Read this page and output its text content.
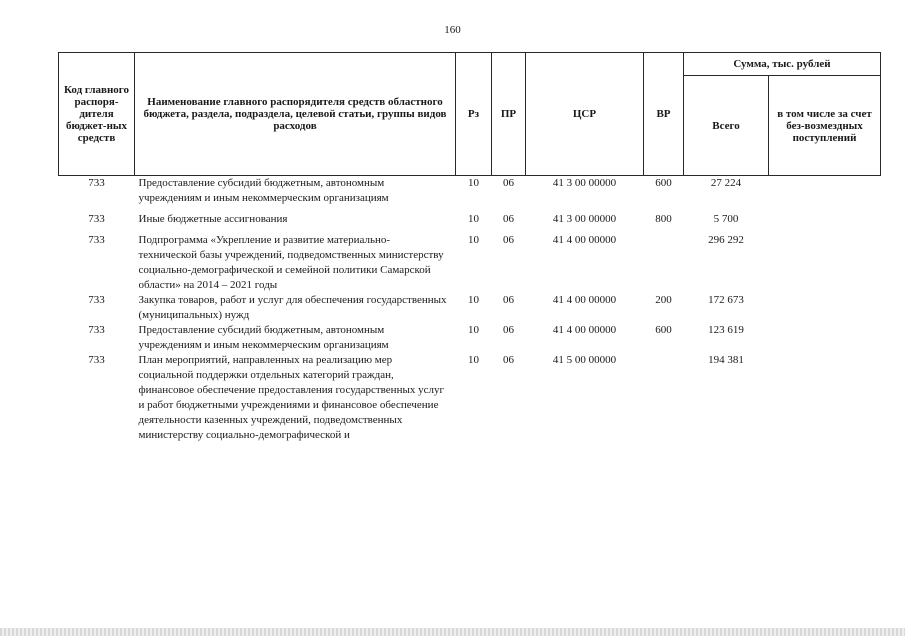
160
Код главного распоря-дителя бюджет-ных средств	Наименование главного распорядителя средств областного бюджета, раздела, подраздела, целевой статьи, группы видов расходов	Рз	ПР	ЦСР	ВР	Сумма, тыс. рублей	
						Всего	в том числе за счет без-возмездных поступлений
733	Предоставление субсидий бюджетным, автономным учреждениям и иным некоммерческим организациям	10	06	41 3 00 00000	600	27 224	
733	Иные бюджетные ассигнования	10	06	41 3 00 00000	800	5 700	
733	Подпрограмма «Укрепление и развитие материально-технической базы учреждений, подведомственных министерству социально-демографической и семейной политики Самарской области» на 2014 – 2021 годы	10	06	41 4 00 00000		296 292	
733	Закупка товаров, работ и услуг для обеспечения государственных (муниципальных) нужд	10	06	41 4 00 00000	200	172 673	
733	Предоставление субсидий бюджетным, автономным учреждениям и иным некоммерческим организациям	10	06	41 4 00 00000	600	123 619	
733	План мероприятий, направленных на реализацию мер социальной поддержки отдельных категорий граждан, финансовое обеспечение предоставления государственных услуг и работ бюджетными учреждениями и финансовое обеспечение деятельности казенных учреждений, подведомственных министерству социально-демографической и	10	06	41 5 00 00000		194 381	
